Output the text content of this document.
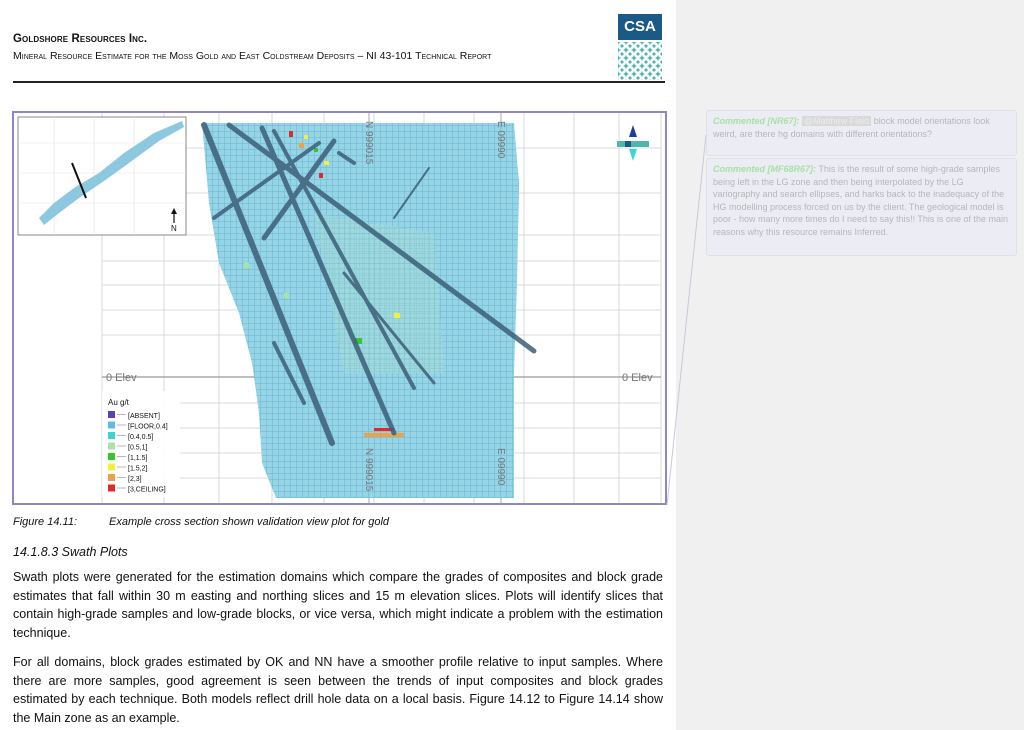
Goldshore Resources Inc.
Mineral Resource Estimate for the Moss Gold and East Coldstream Deposits – NI 43-101 Technical Report
CSA
0 Elev	0 Elev
N 999015	E 09990
N 999015	E 09990
N
Au g/t
[ABSENT]
[FLOOR,0.4]
[0.4,0.5]
[0.5,1]
[1,1.5]
[1.5,2]
[2,3]
[3,CEILING]
Figure 14.11:	Example cross section shown validation view plot for gold
14.1.8.3 Swath Plots
Swath plots were generated for the estimation domains which compare the grades of composites and block grade estimates that fall within 30 m easting and northing slices and 15 m elevation slices. Plots will identify slices that contain high-grade samples and low-grade blocks, or vice versa, which might indicate a problem with the estimation technique.
For all domains, block grades estimated by OK and NN have a smoother profile relative to input samples. Where there are more samples, good agreement is seen between the trends of input composites and block grades estimated by each technique. Both models reflect drill hole data on a local basis. Figure 14.12 to Figure 14.14 show the Main zone as an example.
Commented [NR67]: @Matthew Field block model orientations look weird, are there hg domains with different orientations?
Commented [MF68R67]: This is the result of some high-grade samples being left in the LG zone and then being interpolated by the LG variography and search ellipses, and harks back to the inadequacy of the HG modelling process forced on us by the client. The geological model is poor - how many more times do I need to say this!! This is one of the main reasons why this resource remains Inferred.
